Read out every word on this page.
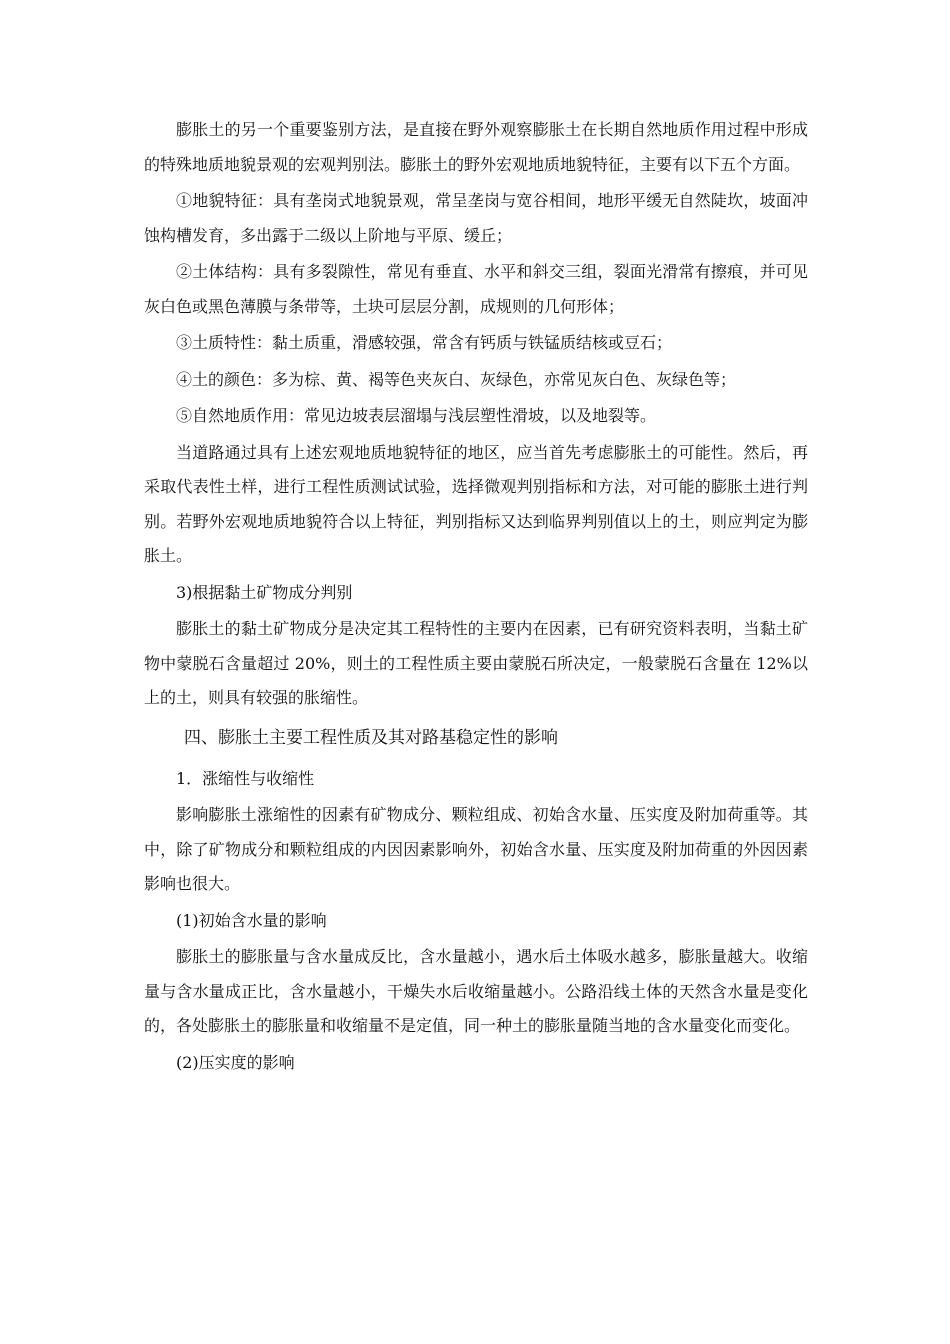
膨胀土的另一个重要鉴别方法，是直接在野外观察膨胀土在长期自然地质作用过程中形成的特殊地质地貌景观的宏观判别法。膨胀土的野外宏观地质地貌特征，主要有以下五个方面。

①地貌特征：具有垄岗式地貌景观，常呈垄岗与宽谷相间，地形平缓无自然陡坎，坡面冲蚀构槽发育，多出露于二级以上阶地与平原、缓丘；

②土体结构：具有多裂隙性，常见有垂直、水平和斜交三组，裂面光滑常有擦痕，并可见灰白色或黑色薄膜与条带等，土块可层层分割，成规则的几何形体；

③土质特性：黏土质重，滑感较强，常含有钙质与铁锰质结核或豆石；

④土的颜色：多为棕、黄、褐等色夹灰白、灰绿色，亦常见灰白色、灰绿色等；

⑤自然地质作用：常见边坡表层溜塌与浅层塑性滑坡，以及地裂等。

当道路通过具有上述宏观地质地貌特征的地区，应当首先考虑膨胀土的可能性。然后，再采取代表性土样，进行工程性质测试试验，选择微观判别指标和方法，对可能的膨胀土进行判别。若野外宏观地质地貌符合以上特征，判别指标又达到临界判别值以上的土，则应判定为膨胀土。

3)根据黏土矿物成分判别

膨胀土的黏土矿物成分是决定其工程特性的主要内在因素，已有研究资料表明，当黏土矿物中蒙脱石含量超过 20%，则土的工程性质主要由蒙脱石所决定，一般蒙脱石含量在 12%以上的土，则具有较强的胀缩性。

四、膨胀土主要工程性质及其对路基稳定性的影响

1．涨缩性与收缩性

影响膨胀土涨缩性的因素有矿物成分、颗粒组成、初始含水量、压实度及附加荷重等。其中，除了矿物成分和颗粒组成的内因因素影响外，初始含水量、压实度及附加荷重的外因因素影响也很大。

(1)初始含水量的影响

膨胀土的膨胀量与含水量成反比，含水量越小，遇水后土体吸水越多，膨胀量越大。收缩量与含水量成正比，含水量越小，干燥失水后收缩量越小。公路沿线土体的天然含水量是变化的，各处膨胀土的膨胀量和收缩量不是定值，同一种土的膨胀量随当地的含水量变化而变化。

(2)压实度的影响
